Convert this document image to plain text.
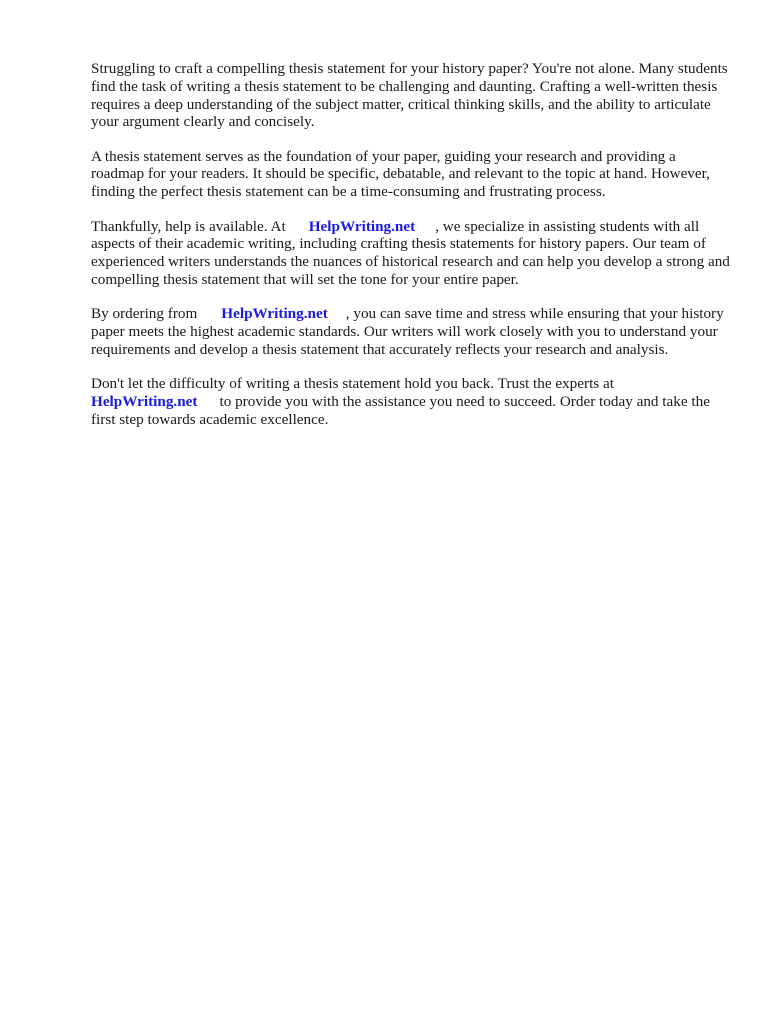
Struggling to craft a compelling thesis statement for your history paper? You're not alone. Many students find the task of writing a thesis statement to be challenging and daunting. Crafting a well-written thesis requires a deep understanding of the subject matter, critical thinking skills, and the ability to articulate your argument clearly and concisely.

A thesis statement serves as the foundation of your paper, guiding your research and providing a roadmap for your readers. It should be specific, debatable, and relevant to the topic at hand. However, finding the perfect thesis statement can be a time-consuming and frustrating process.

Thankfully, help is available. At HelpWriting.net , we specialize in assisting students with all aspects of their academic writing, including crafting thesis statements for history papers. Our team of experienced writers understands the nuances of historical research and can help you develop a strong and compelling thesis statement that will set the tone for your entire paper.

By ordering from HelpWriting.net , you can save time and stress while ensuring that your history paper meets the highest academic standards. Our writers will work closely with you to understand your requirements and develop a thesis statement that accurately reflects your research and analysis.

Don't let the difficulty of writing a thesis statement hold you back. Trust the experts at
HelpWriting.net to provide you with the assistance you need to succeed. Order today and take the first step towards academic excellence.
